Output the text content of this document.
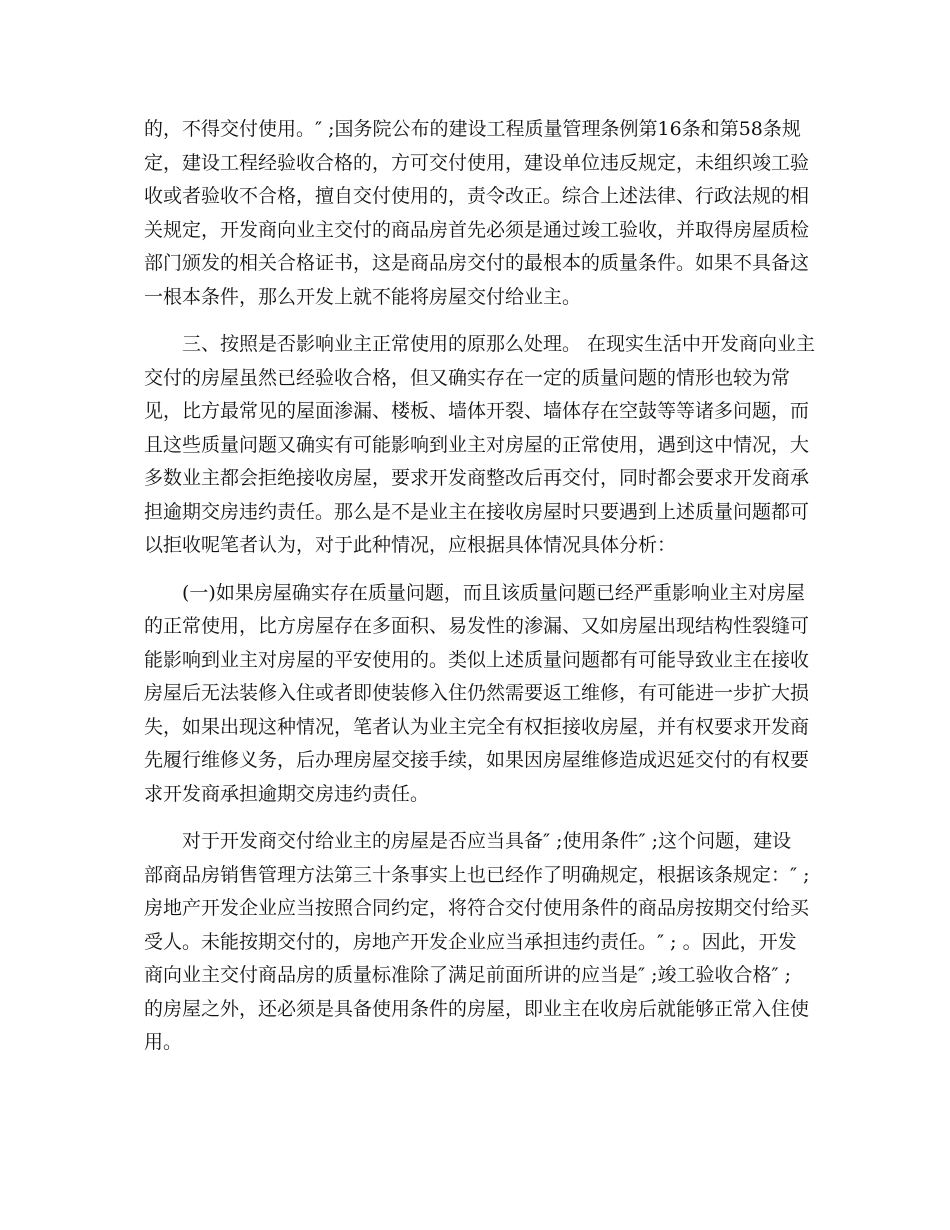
的，不得交付使用。″ ;国务院公布的建设工程质量管理条例第16条和第58条规
定，建设工程经验收合格的，方可交付使用，建设单位违反规定，未组织竣工验
收或者验收不合格，擅自交付使用的，责令改正。综合上述法律、行政法规的相
关规定，开发商向业主交付的商品房首先必须是通过竣工验收，并取得房屋质检
部门颁发的相关合格证书，这是商品房交付的最根本的质量条件。如果不具备这
一根本条件，那么开发上就不能将房屋交付给业主。
三、按照是否影响业主正常使用的原那么处理。 在现实生活中开发商向业主
交付的房屋虽然已经验收合格，但又确实存在一定的质量问题的情形也较为常
见，比方最常见的屋面渗漏、楼板、墙体开裂、墙体存在空鼓等等诸多问题，而
且这些质量问题又确实有可能影响到业主对房屋的正常使用，遇到这中情况，大
多数业主都会拒绝接收房屋，要求开发商整改后再交付，同时都会要求开发商承
担逾期交房违约责任。那么是不是业主在接收房屋时只要遇到上述质量问题都可
以拒收呢笔者认为，对于此种情况，应根据具体情况具体分析：
(一)如果房屋确实存在质量问题，而且该质量问题已经严重影响业主对房屋
的正常使用，比方房屋存在多面积、易发性的渗漏、又如房屋出现结构性裂缝可
能影响到业主对房屋的平安使用的。类似上述质量问题都有可能导致业主在接收
房屋后无法装修入住或者即使装修入住仍然需要返工维修，有可能进一步扩大损
失，如果出现这种情况，笔者认为业主完全有权拒接收房屋，并有权要求开发商
先履行维修义务，后办理房屋交接手续，如果因房屋维修造成迟延交付的有权要
求开发商承担逾期交房违约责任。
对于开发商交付给业主的房屋是否应当具备″ ;使用条件″ ;这个问题，建设
部商品房销售管理方法第三十条事实上也已经作了明确规定，根据该条规定：″ ;
房地产开发企业应当按照合同约定，将符合交付使用条件的商品房按期交付给买
受人。未能按期交付的，房地产开发企业应当承担违约责任。″ ; 。因此，开发
商向业主交付商品房的质量标准除了满足前面所讲的应当是″ ;竣工验收合格″ ;
的房屋之外，还必须是具备使用条件的房屋，即业主在收房后就能够正常入住使
用。
